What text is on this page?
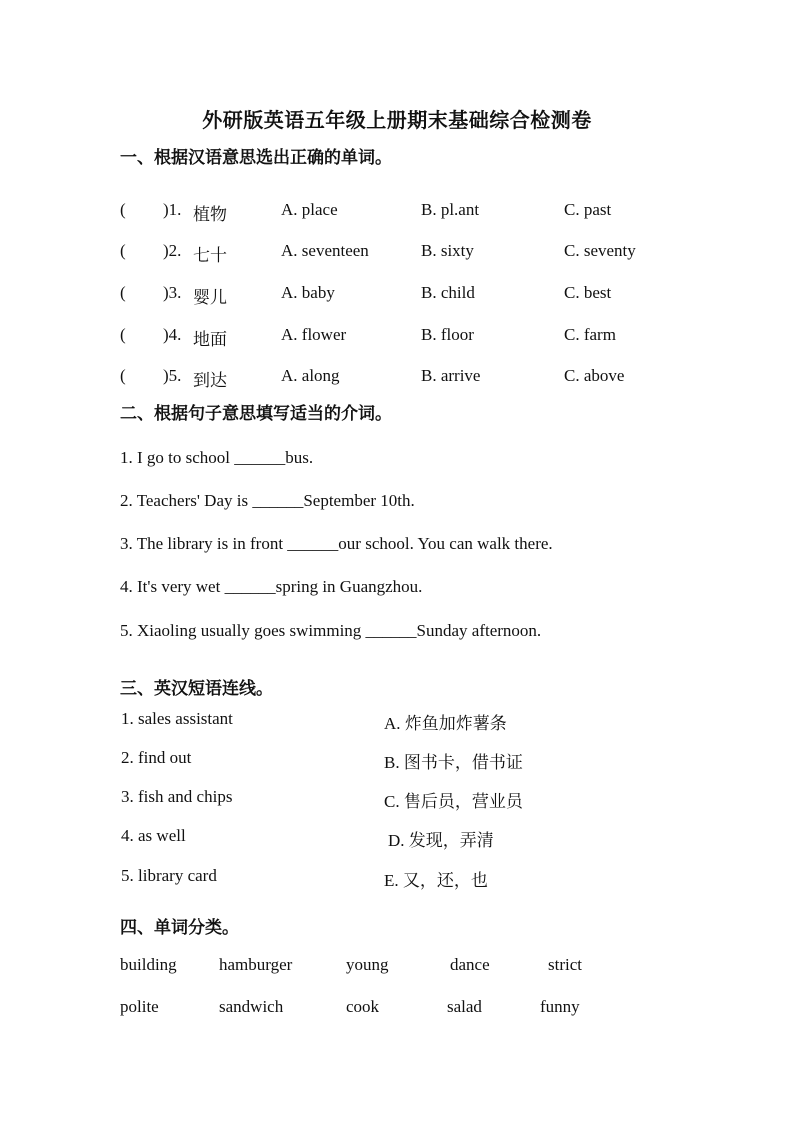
外研版英语五年级上册期末基础综合检测卷
一、根据汉语意思选出正确的单词。
( )1. 植物	A. place	B. pl.ant	C. past
( )2. 七十	A. seventeen	B. sixty	C. seventy
( )3. 婴儿	A. baby	B. child	C. best
( )4. 地面	A. flower	B. floor	C. farm
( )5. 到达	A. along	B. arrive	C. above
二、根据句子意思填写适当的介词。
1. I go to school ______bus.
2. Teachers' Day is ______September 10th.
3. The library is in front ______our school. You can walk there.
4. It's very wet ______spring in Guangzhou.
5. Xiaoling usually goes swimming ______Sunday afternoon.
三、英汉短语连线。
1. sales assistant	A. 炸鱼加炸薯条
2. find out	B. 图书卡，借书证
3. fish and chips	C. 售后员，营业员
4. as well	D. 发现，弄清
5. library card	E. 又，还，也
四、单词分类。
building hamburger	young	dance	strict
polite	sandwich	cook	salad	funny
